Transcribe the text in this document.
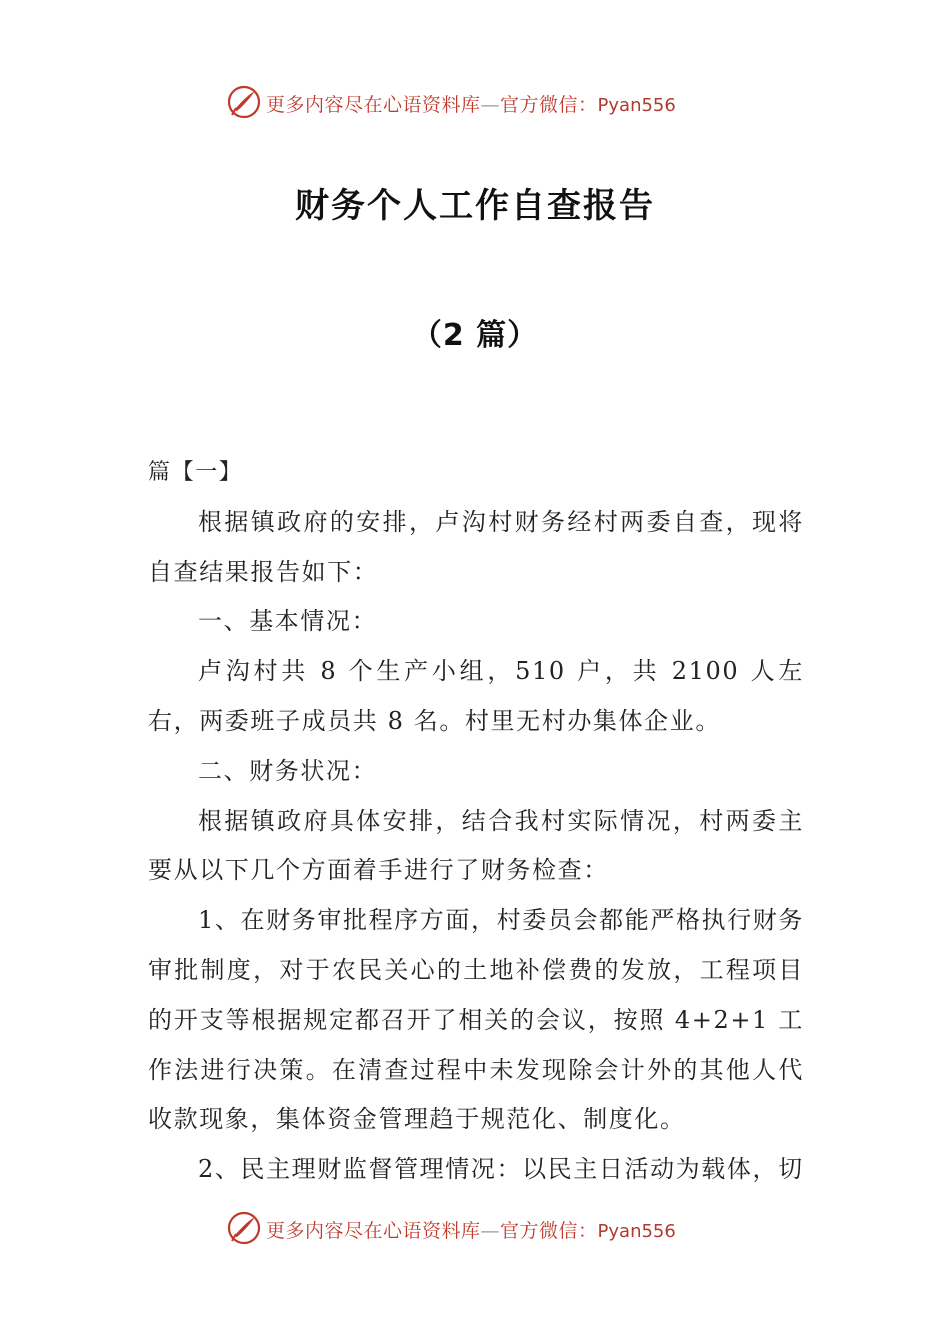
更多内容尽在心语资料库—官方微信：Pyan556
财务个人工作自查报告
（2 篇）

篇【一】

根据镇政府的安排，卢沟村财务经村两委自查，现将自查结果报告如下：

一、基本情况：

卢沟村共 8 个生产小组，510 户，共 2100 人左右，两委班子成员共 8 名。村里无村办集体企业。

二、财务状况：

根据镇政府具体安排，结合我村实际情况，村两委主要从以下几个方面着手进行了财务检查：

1、在财务审批程序方面，村委员会都能严格执行财务审批制度，对于农民关心的土地补偿费的发放，工程项目的开支等根据规定都召开了相关的会议，按照 4+2+1 工作法进行决策。在清查过程中未发现除会计外的其他人代收款现象，集体资金管理趋于规范化、制度化。

2、民主理财监督管理情况：以民主日活动为载体，切

更多内容尽在心语资料库—官方微信：Pyan556
